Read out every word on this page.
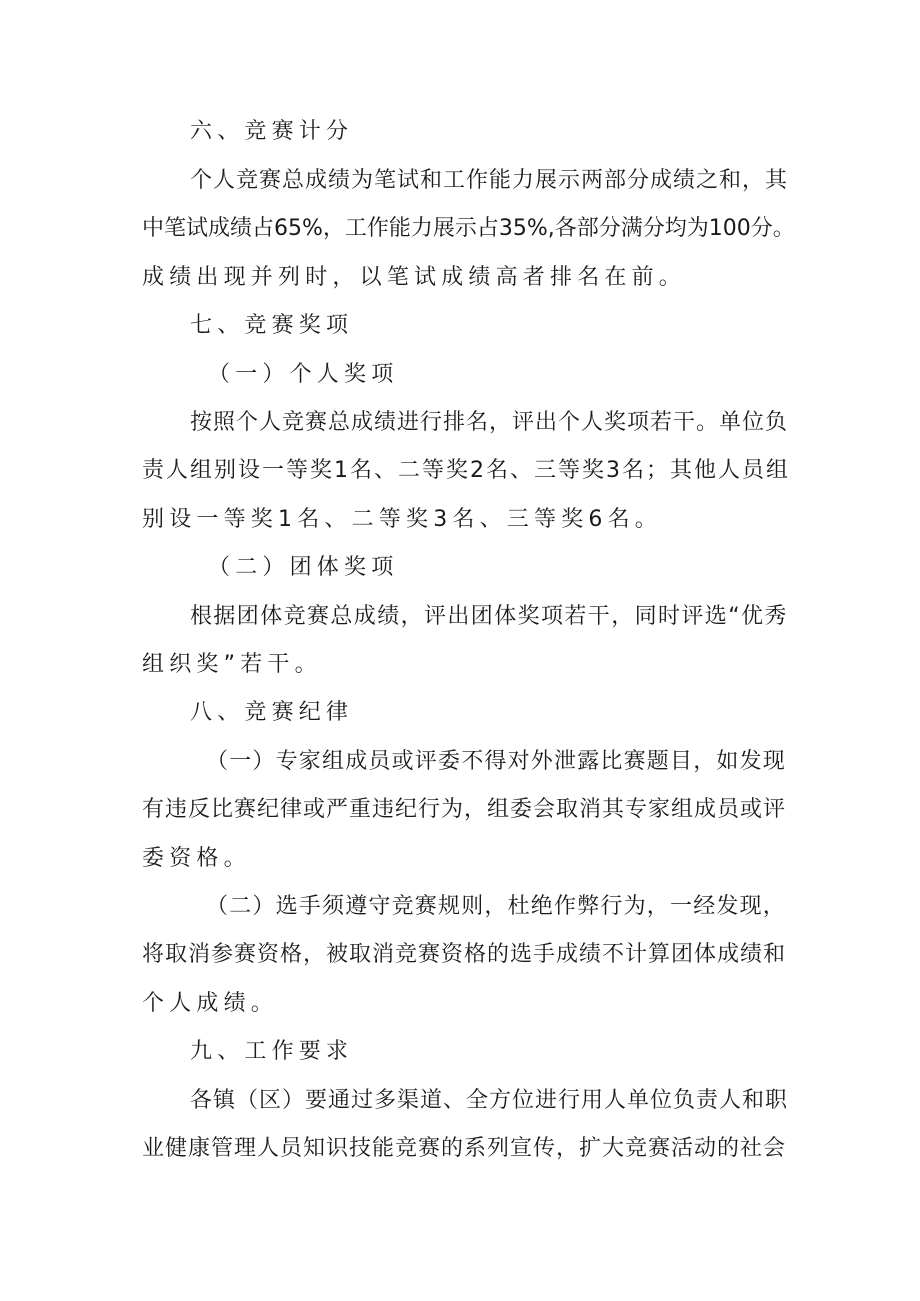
六、竞赛计分
个人竞赛总成绩为笔试和工作能力展示两部分成绩之和，其
中笔试成绩占65%，工作能力展示占35%,各部分满分均为100分。
成绩出现并列时，以笔试成绩高者排名在前。
七、竞赛奖项
（一）个人奖项
按照个人竞赛总成绩进行排名，评出个人奖项若干。单位负
责人组别设一等奖1名、二等奖2名、三等奖3名；其他人员组
别设一等奖1名、二等奖3名、三等奖6名。
（二）团体奖项
根据团体竞赛总成绩，评出团体奖项若干，同时评选“优秀
组织奖”若干。
八、竞赛纪律
（一）专家组成员或评委不得对外泄露比赛题目，如发现
有违反比赛纪律或严重违纪行为，组委会取消其专家组成员或评
委资格。
（二）选手须遵守竞赛规则，杜绝作弊行为，一经发现，
将取消参赛资格，被取消竞赛资格的选手成绩不计算团体成绩和
个人成绩。
九、工作要求
各镇（区）要通过多渠道、全方位进行用人单位负责人和职
业健康管理人员知识技能竞赛的系列宣传，扩大竞赛活动的社会
